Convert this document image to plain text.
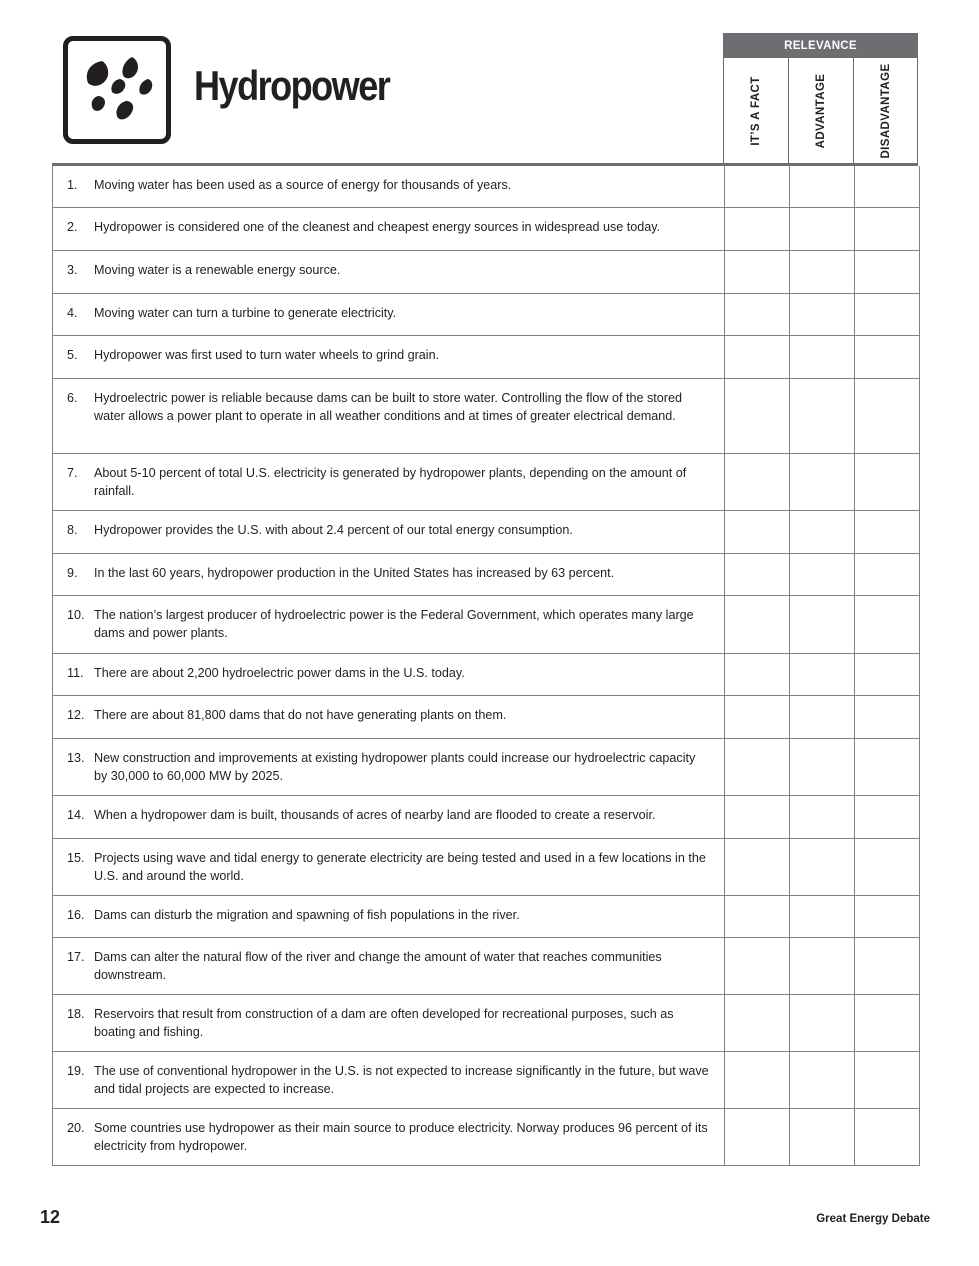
Hydropower
RELEVANCE
IT’S A FACT	ADVANTAGE	DISADVANTAGE
1.	Moving water has been used as a source of energy for thousands of years.
2.	Hydropower is considered one of the cleanest and cheapest energy sources in widespread use today.
3.	Moving water is a renewable energy source.
4.	Moving water can turn a turbine to generate electricity.
5.	Hydropower was first used to turn water wheels to grind grain.
6.	Hydroelectric power is reliable because dams can be built to store water. Controlling the flow of the stored water allows a power plant to operate in all weather conditions and at times of greater electrical demand.
7.	About 5-10 percent of total U.S. electricity is generated by hydropower plants, depending on the amount of rainfall.
8.	Hydropower provides the U.S. with about 2.4 percent of our total energy consumption.
9.	In the last 60 years, hydropower production in the United States has increased by 63 percent.
10. The nation’s largest producer of hydroelectric power is the Federal Government, which operates many large dams and power plants.
11. There are about 2,200 hydroelectric power dams in the U.S. today.
12. There are about 81,800 dams that do not have generating plants on them.
13. New construction and improvements at existing hydropower plants could increase our hydroelectric capacity by 30,000 to 60,000 MW by 2025.
14. When a hydropower dam is built, thousands of acres of nearby land are flooded to create a reservoir.
15. Projects using wave and tidal energy to generate electricity are being tested and used in a few locations in the U.S. and around the world.
16. Dams can disturb the migration and spawning of fish populations in the river.
17. Dams can alter the natural flow of the river and change the amount of water that reaches communities downstream.
18. Reservoirs that result from construction of a dam are often developed for recreational purposes, such as boating and fishing.
19. The use of conventional hydropower in the U.S. is not expected to increase significantly in the future, but wave and tidal projects are expected to increase.
20. Some countries use hydropower as their main source to produce electricity. Norway produces 96 percent of its electricity from hydropower.
12	Great Energy Debate
